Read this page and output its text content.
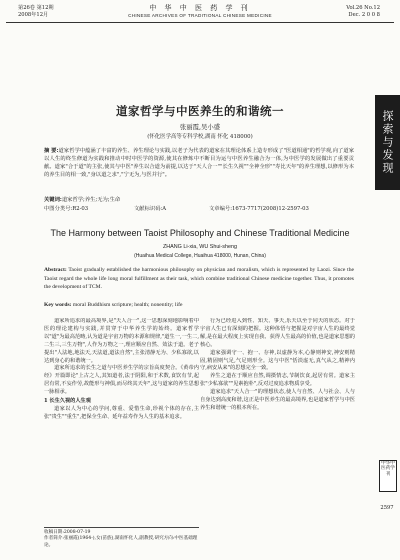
第26卷 第12期
2008年12月
中 华 中 医 药 学 刊
CHINESE ARCHIVES OF TRADITIONAL CHINESE MEDICINE
Vol.26 No.12
Dec. 2 0 0 8
探索与发现
道家哲学与中医养生的和谐统一
张丽霞,吴小盛
(怀化医学高等专科学校,湖南 怀化 418000)
摘 要:道家哲学中蕴涵了丰富的养生、养生理论与实践,以老子为代表的道家在其理论体系上造专形成了"医道相通"的哲学观,向了道家以人生的终生修道为实践和推动中时中医学的资源,使其在修炼中不断目为运与中医养生融合为一体,为中医学的发展做出了重要贡献。道家"合于道"的主张,使其与中医"养生以合道为前提,以达于"天人合一""长生久视""全神全形""寿比天年"的养生理想,以修形为本的养生目的相一致,"身以道之求","宁无为,与医并行"。
关键词:道家哲学;养生;无为;生命
中图分类号:R2-03	文献标识码:A	文章编号:1673-7717(2008)12-2597-03
The Harmony between Taoist Philosophy and Chinese Traditional Medicine
ZHANG Li-xia, WU Shui-sheng
(Huaihua Medical College, Huaihua 418000, Hunan, China)
Abstract: Taoist gradually established the harmonious philosophy on physician and moralism, which is represented by Laozi. Since the Taoist regard the whole life long moral fulfillment as their task, which combine traditional Chinese medicine together. Thus, it promotes the development of TCM.
Key words: moral Buddhism scripture; health; nonentity; life

道家所追求的最高境界,是"天人合一",这一思想深刻地影响着中医的理论建构与实践,并贯穿于中华养生学的始终。道家哲学以"道"为最高范畴,认为道是宇宙万物的本源和规律,"道生一,一生二,二生三,三生万物",人作为万物之一,理应顺应自然、效法于道。老子提出"人法地,地法天,天法道,道法自然",主张清静无为、少私寡欲,以达到身心的和谐统一。

道家所追求的长生之道与中医养生学的宗旨高度契合。《黄帝内经》开篇即论"上古之人,其知道者,法于阴阳,和于术数,食饮有节,起居有常,不妄作劳,故能形与神俱,而尽终其天年",这与道家的养生思想一脉相承。

1 长生久视的人生观

道家以人为中心的学问,尊重、爱惜生命,珍视个体的存在,主张"贵生""重生",把保全生命、延年益寿作为人生的基本追求。

行为已经进入到性、知天、事天,乐天以至于同天的状态。对于宇宙人生已有深刻的把握。这种体悟与把握是对宇宙人生的最终觉解,是在最大程度上实现自我、获得人生最高的价值,也是道家思想的核心。

道家强调守一、抱一、存神,以虚静为本,心静则神安,神安则精固,精固则气足,气足则形全。这与中医"恬淡虚无,真气从之,精神内守,病安从来"的思想完全一致。

养生之道在于顺应自然,调摄情志,节制饮食,起居有常。道家主张"少私寡欲""见素抱朴",反对过度追求物质享受。

道家追求"天人合一"的理想状态,使人与自然、人与社会、人与自身达到高度和谐,这正是中医养生的最高境界,也是道家哲学与中医养生和谐统一的根本所在。

收稿日期:2008-07-19
作者简介:张丽霞(1964-),女(苗族),湖南怀化人,副教授,研究方向:中医基础理论。
中华中医药学刊
2597
